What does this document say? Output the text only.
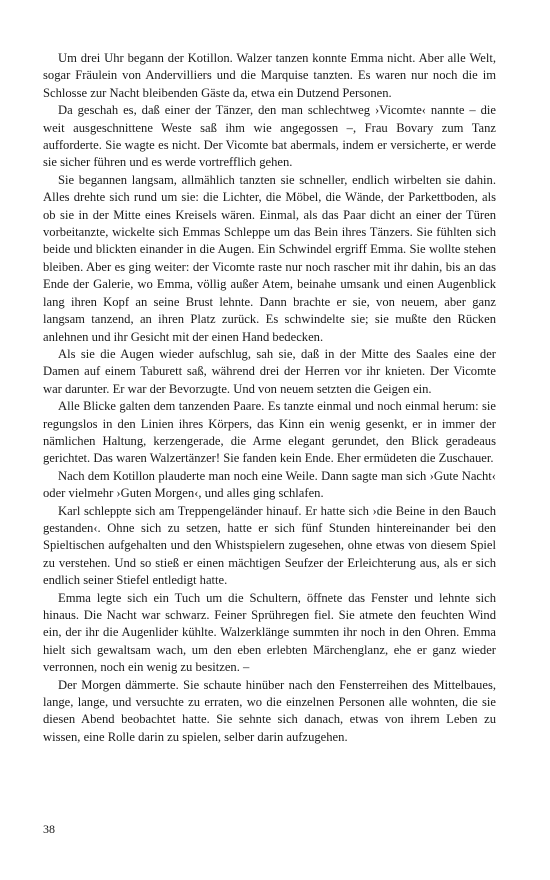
Um drei Uhr begann der Kotillon. Walzer tanzen konnte Emma nicht. Aber alle Welt, sogar Fräulein von Andervilliers und die Marquise tanzten. Es waren nur noch die im Schlosse zur Nacht bleibenden Gäste da, etwa ein Dutzend Personen.

Da geschah es, daß einer der Tänzer, den man schlechtweg ›Vicomte‹ nannte – die weit ausgeschnittene Weste saß ihm wie angegossen –, Frau Bovary zum Tanz aufforderte. Sie wagte es nicht. Der Vicomte bat abermals, indem er versicherte, er werde sie sicher führen und es werde vortrefflich gehen.

Sie begannen langsam, allmählich tanzten sie schneller, endlich wirbelten sie dahin. Alles drehte sich rund um sie: die Lichter, die Möbel, die Wände, der Parkettboden, als ob sie in der Mitte eines Kreisels wären. Einmal, als das Paar dicht an einer der Türen vorbeitanzte, wickelte sich Emmas Schleppe um das Bein ihres Tänzers. Sie fühlten sich beide und blickten einander in die Augen. Ein Schwindel ergriff Emma. Sie wollte stehen bleiben. Aber es ging weiter: der Vicomte raste nur noch rascher mit ihr dahin, bis an das Ende der Galerie, wo Emma, völlig außer Atem, beinahe umsank und einen Augenblick lang ihren Kopf an seine Brust lehnte. Dann brachte er sie, von neuem, aber ganz langsam tanzend, an ihren Platz zurück. Es schwindelte sie; sie mußte den Rücken anlehnen und ihr Gesicht mit der einen Hand bedecken.

Als sie die Augen wieder aufschlug, sah sie, daß in der Mitte des Saales eine der Damen auf einem Taburett saß, während drei der Herren vor ihr knieten. Der Vicomte war darunter. Er war der Bevorzugte. Und von neuem setzten die Geigen ein.

Alle Blicke galten dem tanzenden Paare. Es tanzte einmal und noch einmal herum: sie regungslos in den Linien ihres Körpers, das Kinn ein wenig gesenkt, er in immer der nämlichen Haltung, kerzengerade, die Arme elegant gerundet, den Blick geradeaus gerichtet. Das waren Walzertänzer! Sie fanden kein Ende. Eher ermüdeten die Zuschauer.

Nach dem Kotillon plauderte man noch eine Weile. Dann sagte man sich ›Gute Nacht‹ oder vielmehr ›Guten Morgen‹, und alles ging schlafen.

Karl schleppte sich am Treppengeländer hinauf. Er hatte sich ›die Beine in den Bauch gestanden‹. Ohne sich zu setzen, hatte er sich fünf Stunden hintereinander bei den Spieltischen aufgehalten und den Whistspielern zugesehen, ohne etwas von diesem Spiel zu verstehen. Und so stieß er einen mächtigen Seufzer der Erleichterung aus, als er sich endlich seiner Stiefel entledigt hatte.

Emma legte sich ein Tuch um die Schultern, öffnete das Fenster und lehnte sich hinaus. Die Nacht war schwarz. Feiner Sprühregen fiel. Sie atmete den feuchten Wind ein, der ihr die Augenlider kühlte. Walzerklänge summten ihr noch in den Ohren. Emma hielt sich gewaltsam wach, um den eben erlebten Märchenglanz, ehe er ganz wieder verronnen, noch ein wenig zu besitzen. –

Der Morgen dämmerte. Sie schaute hinüber nach den Fensterreihen des Mittelbaues, lange, lange, und versuchte zu erraten, wo die einzelnen Personen alle wohnten, die sie diesen Abend beobachtet hatte. Sie sehnte sich danach, etwas von ihrem Leben zu wissen, eine Rolle darin zu spielen, selber darin aufzugehen.

38
